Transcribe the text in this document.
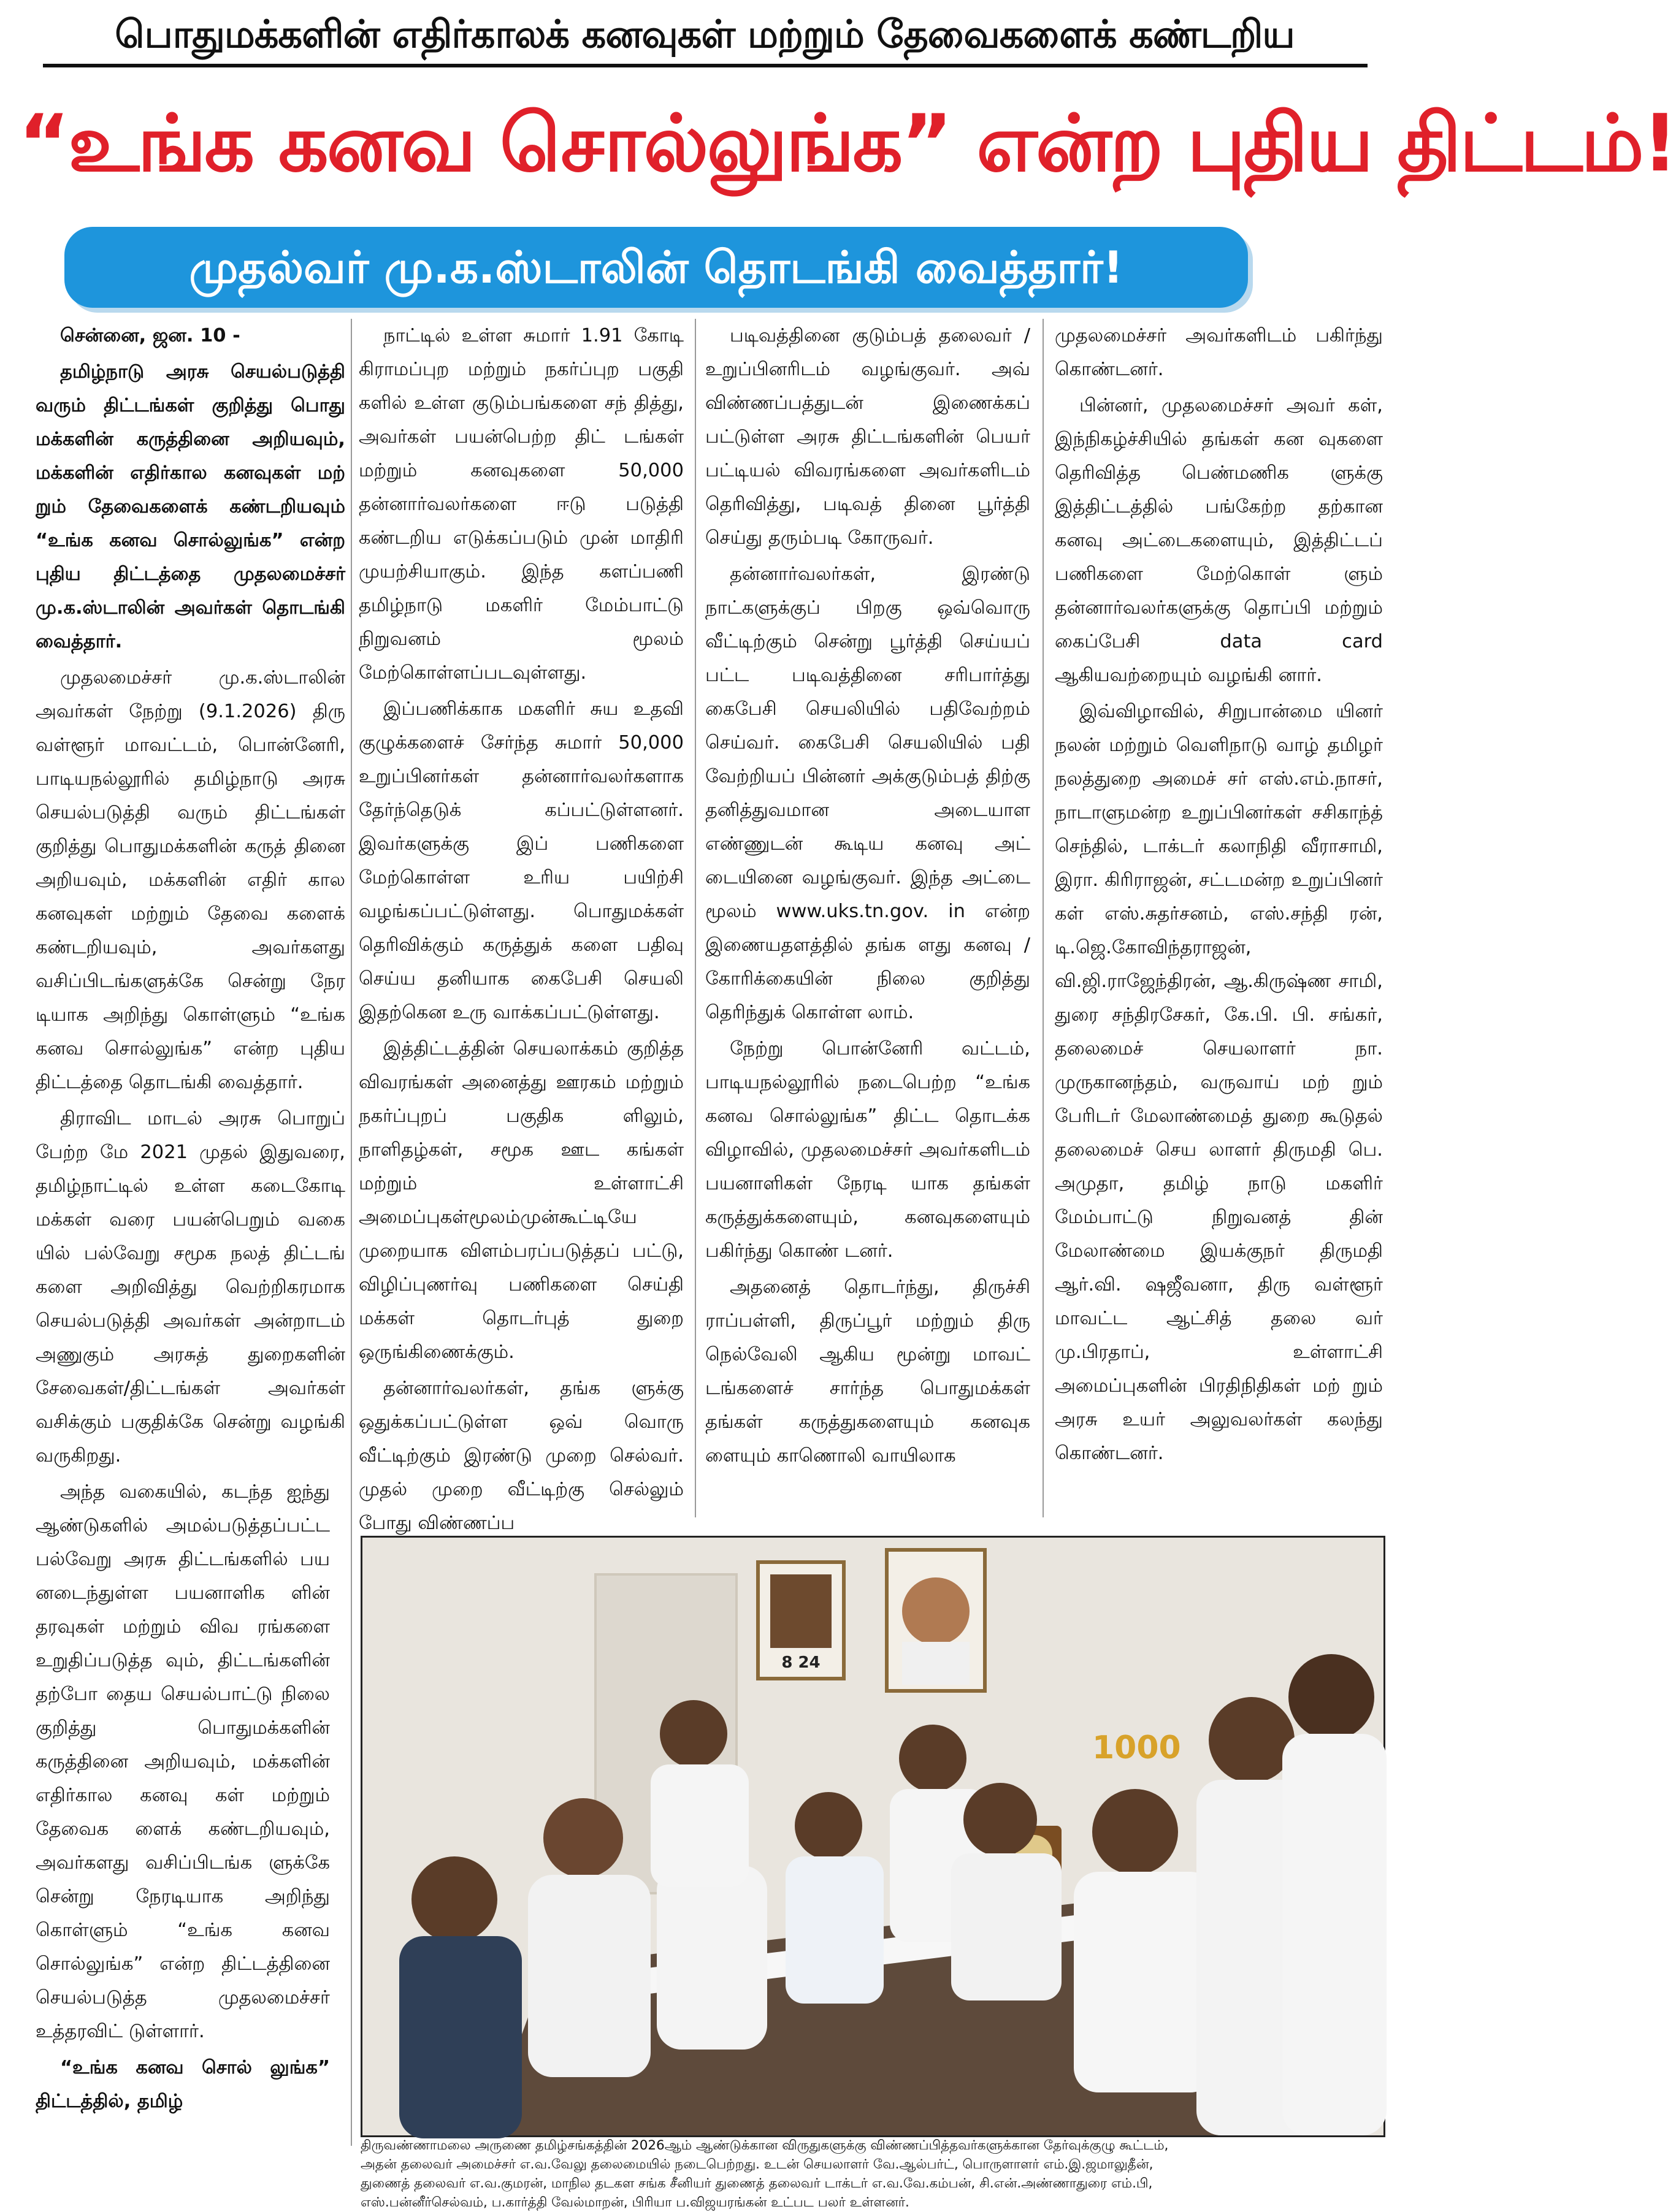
பொதுமக்களின் எதிர்காலக் கனவுகள் மற்றும் தேவைகளைக் கண்டறிய
“உங்க கனவ சொல்லுங்க” என்ற புதிய திட்டம்!
முதல்வர் மு.க.ஸ்டாலின் தொடங்கி வைத்தார்!

சென்னை, ஜன. 10 -

தமிழ்நாடு அரசு செயல்படுத்தி வரும் திட்டங்கள் குறித்து பொது மக்களின் கருத்தினை அறியவும், மக்களின் எதிர்கால கனவுகள் மற் றும் தேவைகளைக் கண்டறியவும் “உங்க கனவ சொல்லுங்க” என்ற புதிய திட்டத்தை முதலமைச்சர் மு.க.ஸ்டாலின் அவர்கள் தொடங்கி வைத்தார்.

முதலமைச்சர் மு.க.ஸ்டாலின் அவர்கள் நேற்று (9.1.2026) திரு வள்ளூர் மாவட்டம், பொன்னேரி, பாடியநல்லூரில் தமிழ்நாடு அரசு செயல்படுத்தி வரும் திட்டங்கள் குறித்து பொதுமக்களின் கருத் தினை அறியவும், மக்களின் எதிர் கால கனவுகள் மற்றும் தேவை களைக் கண்டறியவும், அவர்களது வசிப்பிடங்களுக்கே சென்று நேர டியாக அறிந்து கொள்ளும் “உங்க கனவ சொல்லுங்க” என்ற புதிய திட்டத்தை தொடங்கி வைத்தார்.

திராவிட மாடல் அரசு பொறுப் பேற்ற மே 2021 முதல் இதுவரை, தமிழ்நாட்டில் உள்ள கடைகோடி மக்கள் வரை பயன்பெறும் வகை யில் பல்வேறு சமூக நலத் திட்டங் களை அறிவித்து வெற்றிகரமாக செயல்படுத்தி அவர்கள் அன்றாடம் அணுகும் அரசுத் துறைகளின் சேவைகள்/திட்டங்கள் அவர்கள் வசிக்கும் பகுதிக்கே சென்று வழங்கி வருகிறது.

அந்த வகையில், கடந்த ஐந்து ஆண்டுகளில் அமல்படுத்தப்பட்ட பல்வேறு அரசு திட்டங்களில் பய னடைந்துள்ள பயனாளிக ளின் தரவுகள் மற்றும் விவ ரங்களை உறுதிப்படுத்த வும், திட்டங்களின் தற்போ தைய செயல்பாட்டு நிலை குறித்து பொதுமக்களின் கருத்தினை அறியவும், மக்களின் எதிர்கால கனவு கள் மற்றும் தேவைக ளைக் கண்டறியவும், அவர்களது வசிப்பிடங்க ளுக்கே சென்று நேரடியாக அறிந்து கொள்ளும் “உங்க கனவ சொல்லுங்க” என்ற திட்டத்தினை செயல்படுத்த முதலமைச்சர் உத்தரவிட் டுள்ளார்.

“உங்க கனவ சொல் லுங்க” திட்டத்தில், தமிழ்

நாட்டில் உள்ள சுமார் 1.91 கோடி கிராமப்புற மற்றும் நகர்ப்புற பகுதி களில் உள்ள குடும்பங்களை சந் தித்து, அவர்கள் பயன்பெற்ற திட் டங்கள் மற்றும் கனவுகளை 50,000 தன்னார்வலர்களை ஈடு படுத்தி கண்டறிய எடுக்கப்படும் முன் மாதிரி முயற்சியாகும். இந்த களப்பணி தமிழ்நாடு மகளிர் மேம்பாட்டு நிறுவனம் மூலம் மேற்கொள்ளப்படவுள்ளது.

இப்பணிக்காக மகளிர் சுய உதவி குழுக்களைச் சேர்ந்த சுமார் 50,000 உறுப்பினர்கள் தன்னார்வலர்களாக தேர்ந்தெடுக் கப்பட்டுள்ளனர். இவர்களுக்கு இப் பணிகளை மேற்கொள்ள உரிய பயிற்சி வழங்கப்பட்டுள்ளது. பொதுமக்கள் தெரிவிக்கும் கருத்துக் களை பதிவு செய்ய தனியாக கைபேசி செயலி இதற்கென உரு வாக்கப்பட்டுள்ளது.

இத்திட்டத்தின் செயலாக்கம் குறித்த விவரங்கள் அனைத்து ஊரகம் மற்றும் நகர்ப்புறப் பகுதிக ளிலும், நாளிதழ்கள், சமூக ஊட கங்கள் மற்றும் உள்ளாட்சி அமைப்புகள்மூலம்முன்கூட்டியே முறையாக விளம்பரப்படுத்தப் பட்டு, விழிப்புணர்வு பணிகளை செய்தி மக்கள் தொடர்புத் துறை ஒருங்கிணைக்கும்.

தன்னார்வலர்கள், தங்க ளுக்கு ஒதுக்கப்பட்டுள்ள ஒவ் வொரு வீட்டிற்கும் இரண்டு முறை செல்வர். முதல் முறை வீட்டிற்கு செல்லும் போது விண்ணப்ப

படிவத்தினை குடும்பத் தலைவர் / உறுப்பினரிடம் வழங்குவர். அவ் விண்ணப்பத்துடன் இணைக்கப் பட்டுள்ள அரசு திட்டங்களின் பெயர் பட்டியல் விவரங்களை அவர்களிடம் தெரிவித்து, படிவத் தினை பூர்த்தி செய்து தரும்படி கோருவர்.

தன்னார்வலர்கள், இரண்டு நாட்களுக்குப் பிறகு ஒவ்வொரு வீட்டிற்கும் சென்று பூர்த்தி செய்யப் பட்ட படிவத்தினை சரிபார்த்து கைபேசி செயலியில் பதிவேற்றம் செய்வர். கைபேசி செயலியில் பதி வேற்றியப் பின்னர் அக்குடும்பத் திற்கு தனித்துவமான அடையாள எண்ணுடன் கூடிய கனவு அட் டையினை வழங்குவர். இந்த அட்டை மூலம் www.uks.tn.gov. in என்ற இணையதளத்தில் தங்க ளது கனவு / கோரிக்கையின் நிலை குறித்து தெரிந்துக் கொள்ள லாம்.

நேற்று பொன்னேரி வட்டம், பாடியநல்லூரில் நடைபெற்ற “உங்க கனவ சொல்லுங்க” திட்ட தொடக்க விழாவில், முதலமைச்சர் அவர்களிடம் பயனாளிகள் நேரடி யாக தங்கள் கருத்துக்களையும், கனவுகளையும் பகிர்ந்து கொண் டனர்.

அதனைத் தொடர்ந்து, திருச்சி ராப்பள்ளி, திருப்பூர் மற்றும் திரு நெல்வேலி ஆகிய மூன்று மாவட் டங்களைச் சார்ந்த பொதுமக்கள் தங்கள் கருத்துகளையும் கனவுக ளையும் காணொலி வாயிலாக

முதலமைச்சர் அவர்களிடம் பகிர்ந்து கொண்டனர்.

பின்னர், முதலமைச்சர் அவர் கள், இந்நிகழ்ச்சியில் தங்கள் கன வுகளை தெரிவித்த பெண்மணிக ளுக்கு இத்திட்டத்தில் பங்கேற்ற தற்கான கனவு அட்டைகளையும், இத்திட்டப் பணிகளை மேற்கொள் ளும் தன்னார்வலர்களுக்கு தொப்பி மற்றும் கைப்பேசி data card ஆகியவற்றையும் வழங்கி னார்.

இவ்விழாவில், சிறுபான்மை யினர் நலன் மற்றும் வெளிநாடு வாழ் தமிழர் நலத்துறை அமைச் சர் எஸ்.எம்.நாசர், நாடாளுமன்ற உறுப்பினர்கள் சசிகாந்த் செந்தில், டாக்டர் கலாநிதி வீராசாமி, இரா. கிரிராஜன், சட்டமன்ற உறுப்பினர் கள் எஸ்.சுதர்சனம், எஸ்.சந்தி ரன், டி.ஜெ.கோவிந்தராஜன், வி.ஜி.ராஜேந்திரன், ஆ.கிருஷ்ண சாமி, துரை சந்திரசேகர், கே.பி. பி. சங்கர், தலைமைச் செயலாளர் நா. முருகானந்தம், வருவாய் மற் றும் பேரிடர் மேலாண்மைத் துறை கூடுதல் தலைமைச் செய லாளர் திருமதி பெ. அமுதா, தமிழ் நாடு மகளிர் மேம்பாட்டு நிறுவனத் தின் மேலாண்மை இயக்குநர் திருமதி ஆர்.வி. ஷஜீவனா, திரு வள்ளூர் மாவட்ட ஆட்சித் தலை வர் மு.பிரதாப், உள்ளாட்சி அமைப்புகளின் பிரதிநிதிகள் மற் றும் அரசு உயர் அலுவலர்கள் கலந்து கொண்டனர்.

8 24
1000

திருவண்ணாமலை அருணை தமிழ்சங்கத்தின் 2026ஆம் ஆண்டுக்கான விருதுகளுக்கு விண்ணப்பித்தவர்களுக்கான தேர்வுக்குழு கூட்டம்,

அதன் தலைவர் அமைச்சர் எ.வ.வேலு தலைமையில் நடைபெற்றது. உடன் செயலாளர் வே.ஆல்பர்ட், பொருளாளர் எம்.இ.ஜமாலுதீன்,

துணைத் தலைவர் எ.வ.குமரன், மாநில தடகள சங்க சீனியர் துணைத் தலைவர் டாக்டர் எ.வ.வே.கம்பன், சி.என்.அண்ணாதுரை எம்.பி,

எஸ்.பன்னீர்செல்வம், ப.கார்த்தி வேல்மாறன், பிரியா ப.விஜயரங்கன் உட்பட பலர் உள்ளனர்.
